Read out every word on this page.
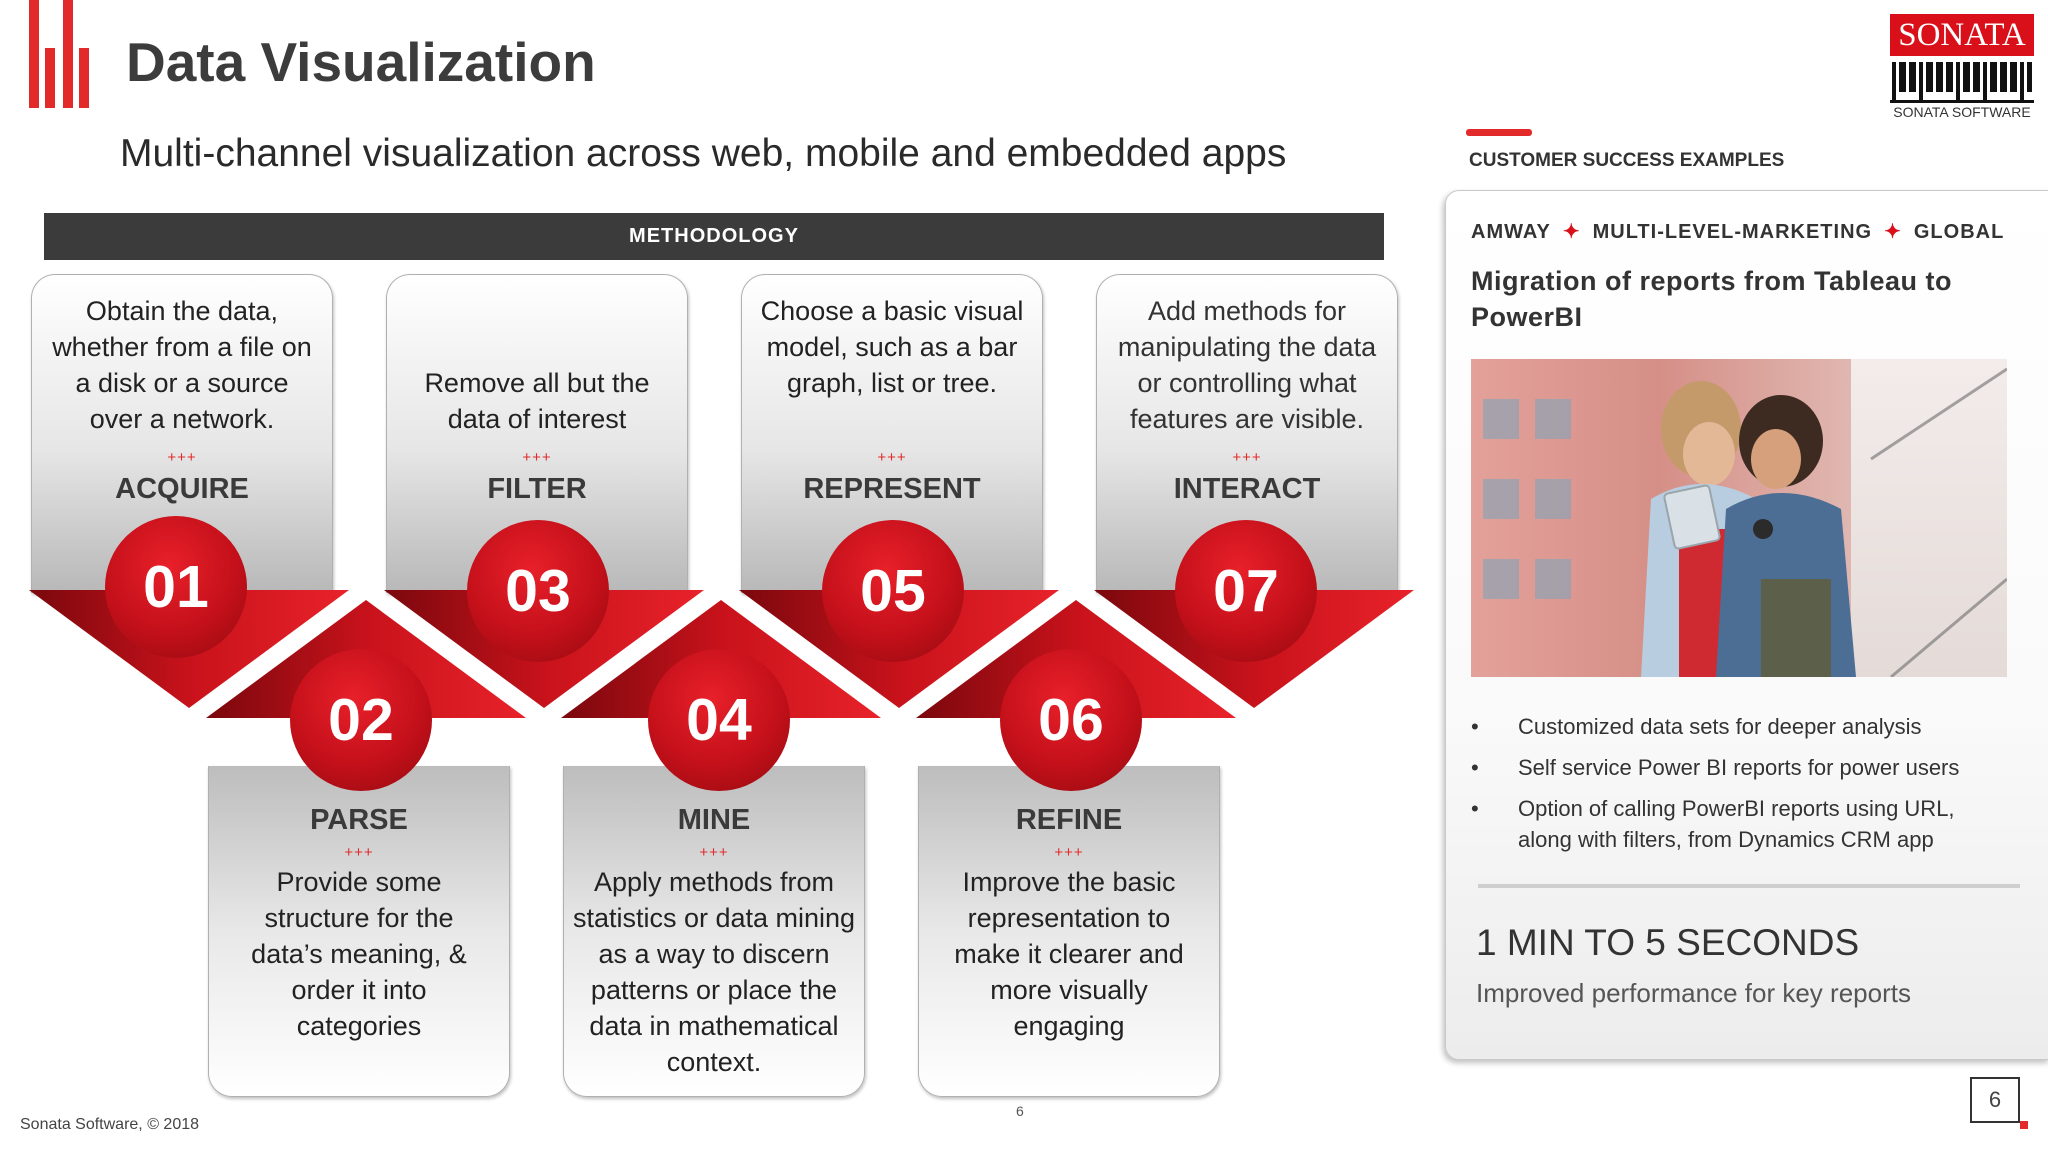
Data Visualization
Multi-channel visualization across web, mobile and embedded apps
SONATA
SONATA SOFTWARE
METHODOLOGY
Obtain the data, whether from a file on a disk or a source over a network.
+++
ACQUIRE
01
Remove all but the data of interest
+++
FILTER
03
Choose a basic visual model, such as a bar graph, list or tree.
+++
REPRESENT
05
Add methods for manipulating the data or controlling what features are visible.
+++
INTERACT
07
PARSE
+++
Provide some structure for the data’s meaning, & order it into categories
02
MINE
+++
Apply methods from statistics or data mining as a way to discern patterns or place the data in mathematical context.
04
REFINE
+++
Improve the basic representation to make it clearer and more visually engaging
06
CUSTOMER SUCCESS EXAMPLES
AMWAY ✦ MULTI-LEVEL-MARKETING ✦ GLOBAL
Migration of reports from Tableau to PowerBI
• Customized data sets for deeper analysis
• Self service Power BI reports for power users
• Option of calling PowerBI reports using URL, along with filters, from Dynamics CRM app
1 MIN TO 5 SECONDS
Improved performance for key reports
Sonata Software, © 2018
6	6
